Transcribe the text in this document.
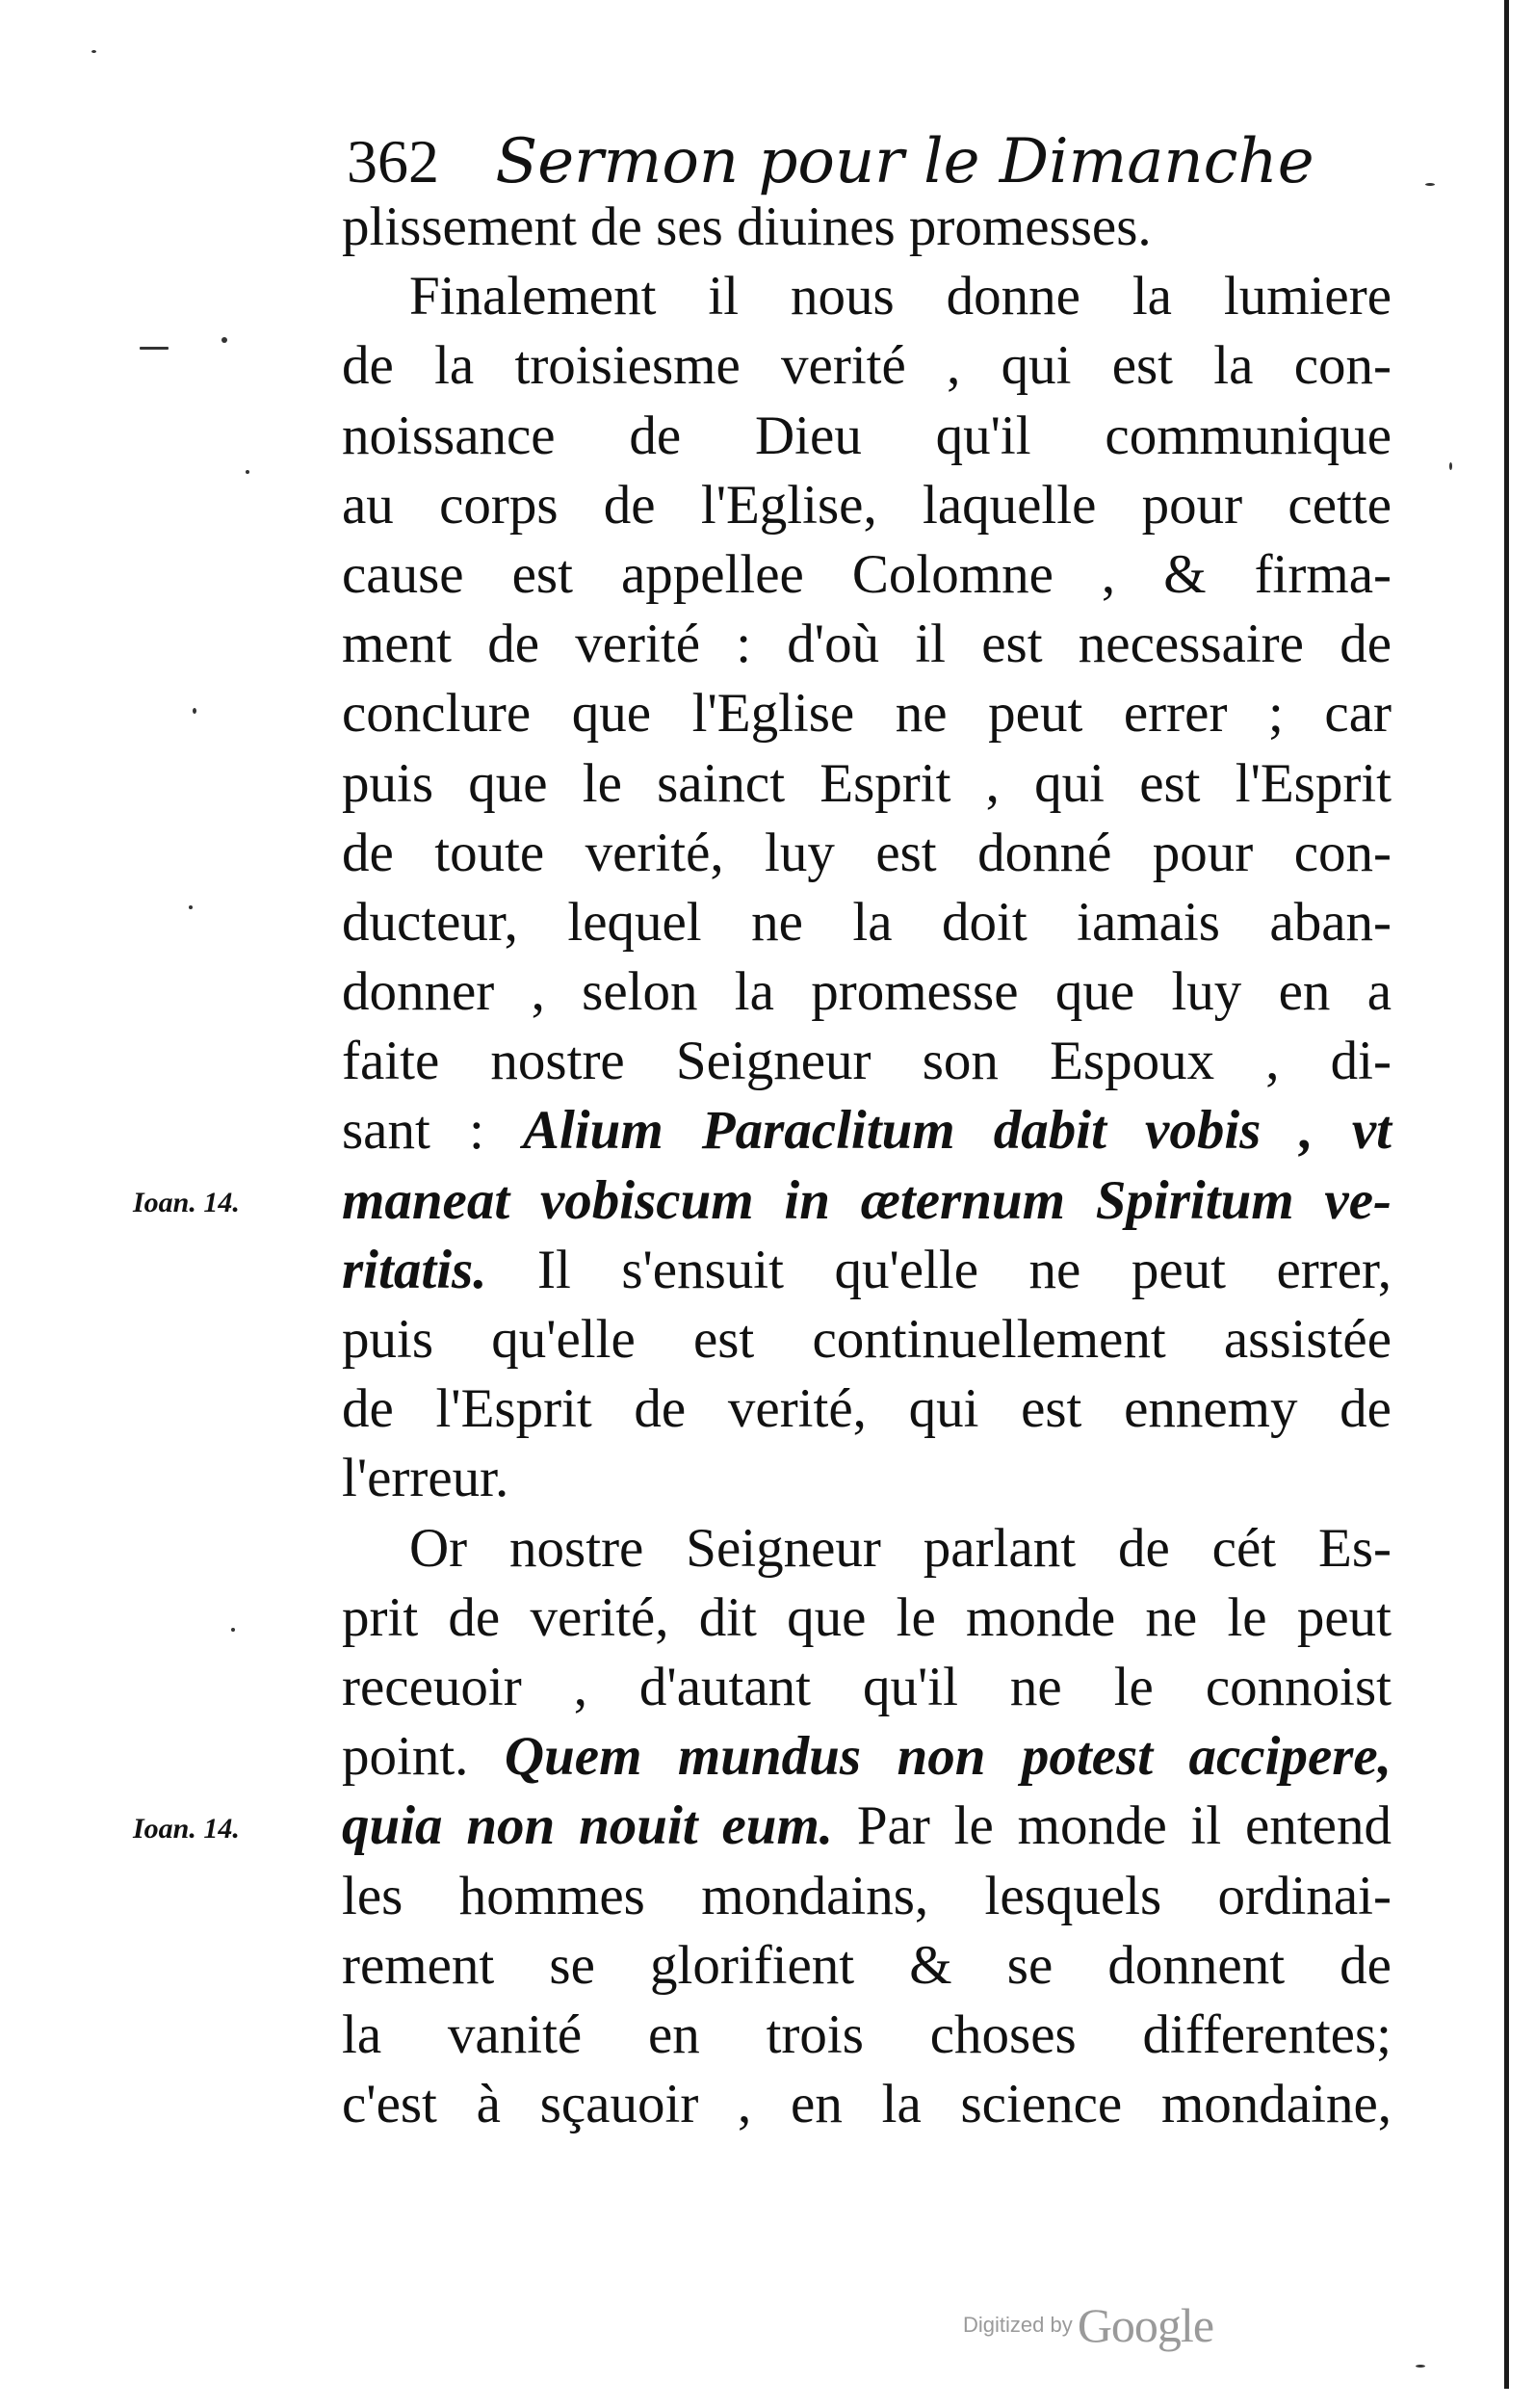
362 Sermon pour le Dimanche
plissement de ses diuines promesses.
Finalement il nous donne la lumiere
de la troisiesme verité , qui est la con-
noissance de Dieu qu'il communique
au corps de l'Eglise, laquelle pour cette
cause est appellee Colomne , & firma-
ment de verité : d'où il est necessaire de
conclure que l'Eglise ne peut errer ; car
puis que le sainct Esprit , qui est l'Esprit
de toute verité, luy est donné pour con-
ducteur, lequel ne la doit iamais aban-
donner , selon la promesse que luy en a
faite nostre Seigneur son Espoux , di-
sant : Alium Paraclitum dabit vobis , vt
maneat vobiscum in æternum Spiritum ve-
ritatis. Il s'ensuit qu'elle ne peut errer,
puis qu'elle est continuellement assistée
de l'Esprit de verité, qui est ennemy de
l'erreur.
Or nostre Seigneur parlant de cét Es-
prit de verité, dit que le monde ne le peut
receuoir , d'autant qu'il ne le connoist
point. Quem mundus non potest accipere,
quia non nouit eum. Par le monde il entend
les hommes mondains, lesquels ordinai-
rement se glorifient & se donnent de
la vanité en trois choses differentes;
c'est à sçauoir , en la science mondaine,
Ioan. 14.
Ioan. 14.
Digitized by Google
